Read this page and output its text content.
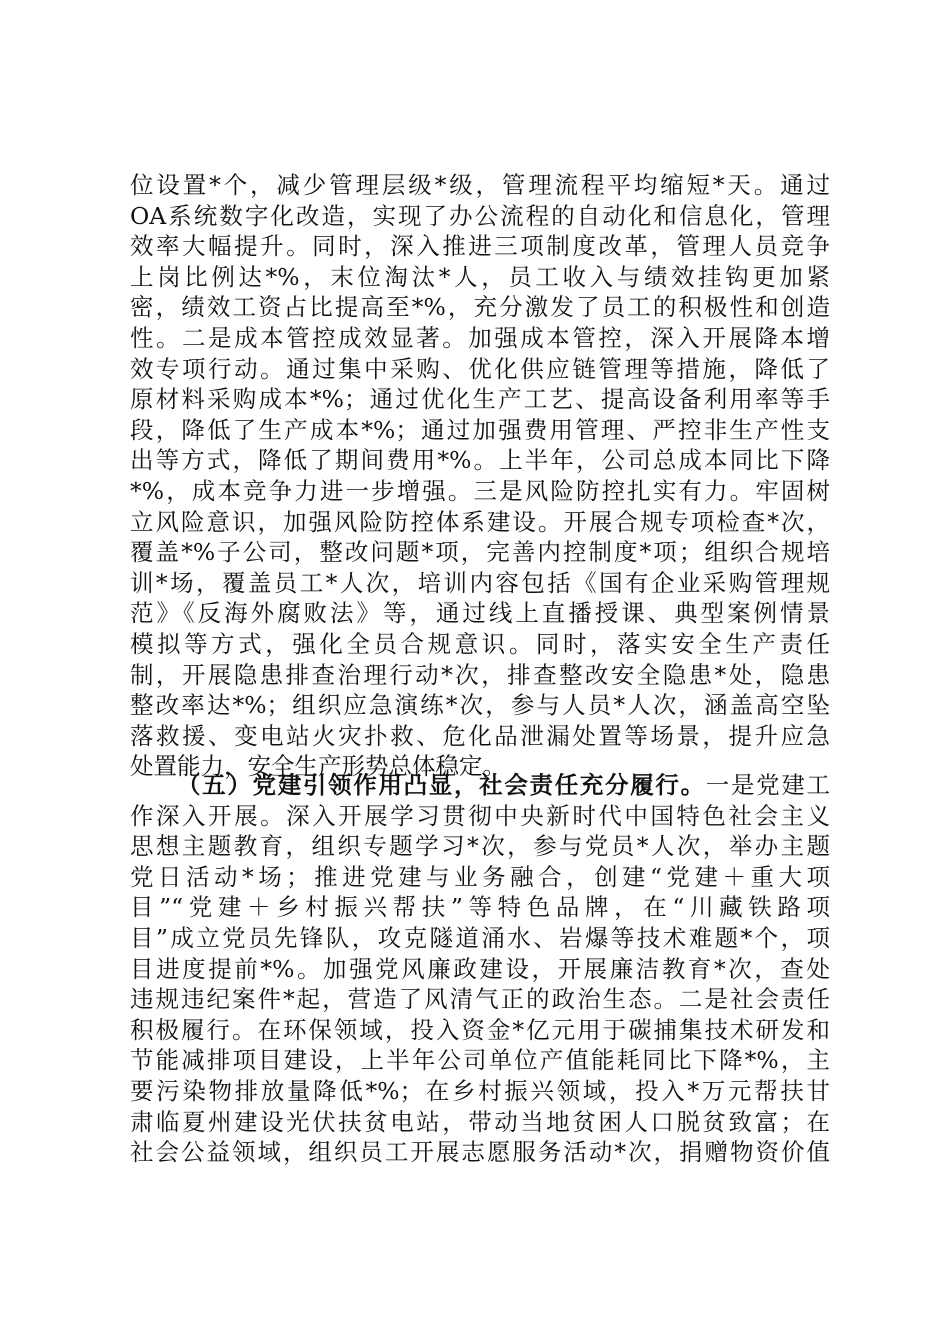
位设置*个，减少管理层级*级，管理流程平均缩短*天。通过
OA系统数字化改造，实现了办公流程的自动化和信息化，管理
效率大幅提升。同时，深入推进三项制度改革，管理人员竞争
上岗比例达*%，末位淘汰*人，员工收入与绩效挂钩更加紧
密，绩效工资占比提高至*%，充分激发了员工的积极性和创造
性。二是成本管控成效显著。加强成本管控，深入开展降本增
效专项行动。通过集中采购、优化供应链管理等措施，降低了
原材料采购成本*%；通过优化生产工艺、提高设备利用率等手
段，降低了生产成本*%；通过加强费用管理、严控非生产性支
出等方式，降低了期间费用*%。上半年，公司总成本同比下降
*%，成本竞争力进一步增强。三是风险防控扎实有力。牢固树
立风险意识，加强风险防控体系建设。开展合规专项检查*次，
覆盖*%子公司，整改问题*项，完善内控制度*项；组织合规培
训*场，覆盖员工*人次，培训内容包括《国有企业采购管理规
范》《反海外腐败法》等，通过线上直播授课、典型案例情景
模拟等方式，强化全员合规意识。同时，落实安全生产责任
制，开展隐患排查治理行动*次，排查整改安全隐患*处，隐患
整改率达*%；组织应急演练*次，参与人员*人次，涵盖高空坠
落救援、变电站火灾扑救、危化品泄漏处置等场景，提升应急
处置能力，安全生产形势总体稳定。
（五）党建引领作用凸显，社会责任充分履行。一是党建工
作深入开展。深入开展学习贯彻中央新时代中国特色社会主义
思想主题教育，组织专题学习*次，参与党员*人次，举办主题
党日活动*场；推进党建与业务融合，创建“党建＋重大项
目”“党建＋乡村振兴帮扶”等特色品牌，在“川藏铁路项
目”成立党员先锋队，攻克隧道涌水、岩爆等技术难题*个，项
目进度提前*%。加强党风廉政建设，开展廉洁教育*次，查处
违规违纪案件*起，营造了风清气正的政治生态。二是社会责任
积极履行。在环保领域，投入资金*亿元用于碳捕集技术研发和
节能减排项目建设，上半年公司单位产值能耗同比下降*%，主
要污染物排放量降低*%；在乡村振兴领域，投入*万元帮扶甘
肃临夏州建设光伏扶贫电站，带动当地贫困人口脱贫致富；在
社会公益领域，组织员工开展志愿服务活动*次，捐赠物资价值
